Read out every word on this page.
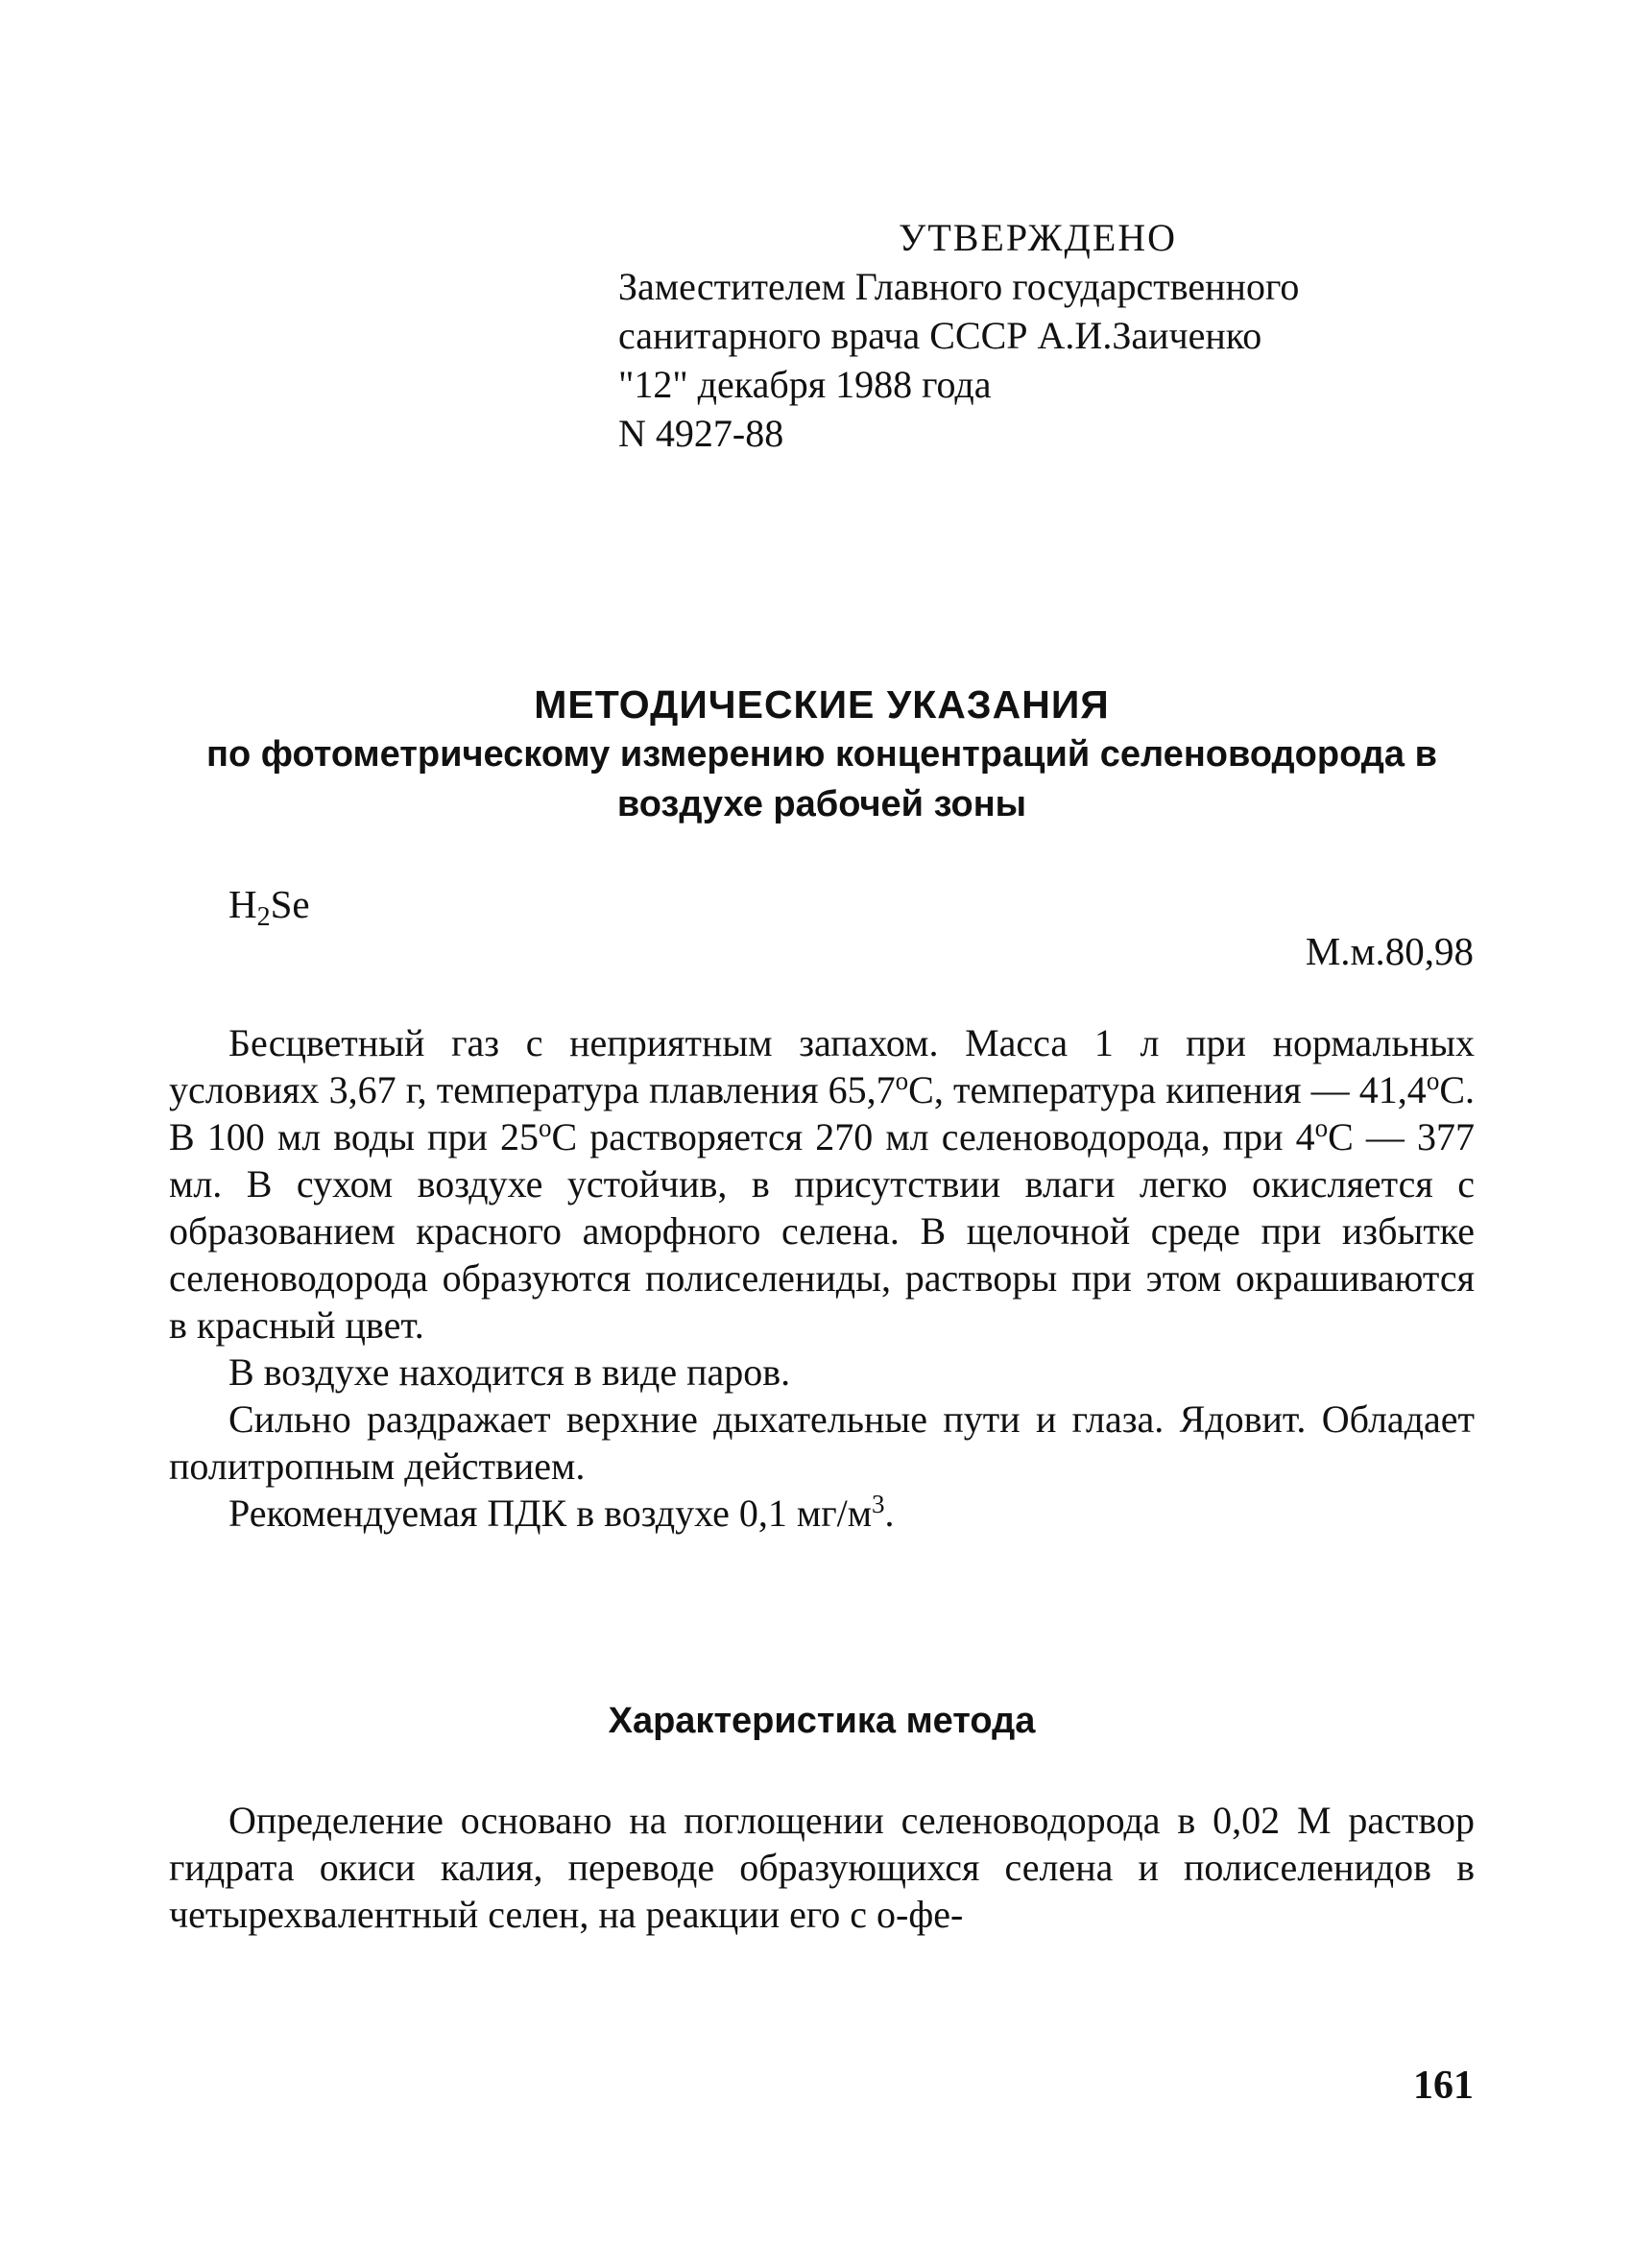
УТВЕРЖДЕНО
Заместителем Главного государственного
санитарного врача СССР А.И.Заиченко
"12" декабря 1988 года
N 4927-88
МЕТОДИЧЕСКИЕ УКАЗАНИЯ
по фотометрическому измерению концентраций селеноводорода в
воздухе рабочей зоны
$H_2Se$
М.м.80,98

Бесцветный газ с неприятным запахом. Масса 1 л при нормальных условиях 3,67 г, температура плавления $65,7^оС$, температура кипения — $41,4^оС$. В 100 мл воды при $25^оС$ растворяется 270 мл селеноводорода, при $4^оС$ — 377 мл. В сухом воздухе устойчив, в присутствии влаги легко окисляется с образованием красного аморфного селена. В щелочной среде при избытке селеноводорода образуются полиселениды, растворы при этом окрашиваются в красный цвет.

В воздухе находится в виде паров.

Сильно раздражает верхние дыхательные пути и глаза. Ядовит. Обладает политропным действием.

Рекомендуемая ПДК в воздухе 0,1 $мг/м^3$.

Характеристика метода

Определение основано на поглощении селеноводорода в 0,02 М раствор гидрата окиси калия, переводе образующихся селена и полиселенидов в четырехвалентный селен, на реакции его с о-фе-

161
